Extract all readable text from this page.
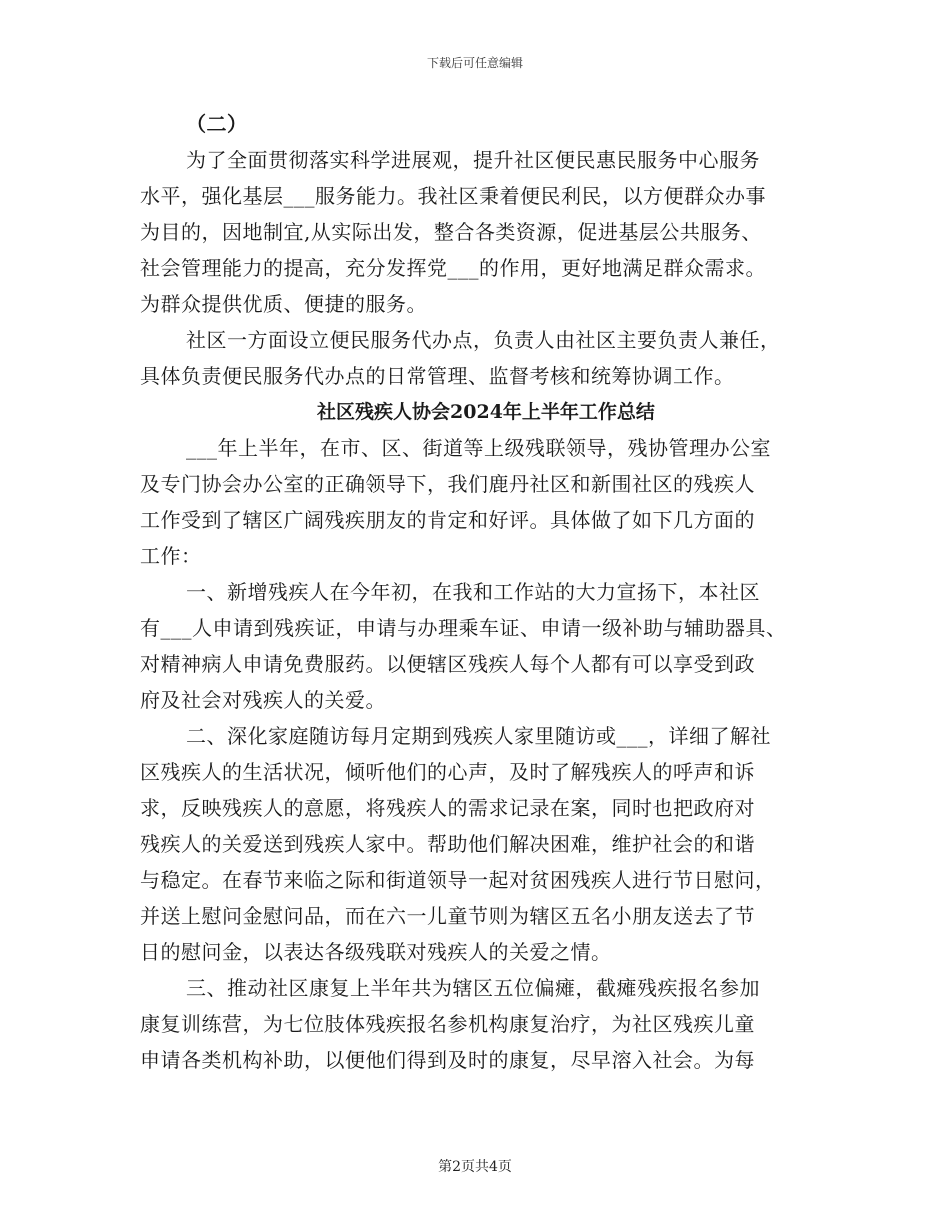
下载后可任意编辑
（二）
为了全面贯彻落实科学进展观，提升社区便民惠民服务中心服务
水平，强化基层___服务能力。我社区秉着便民利民，以方便群众办事
为目的，因地制宜,从实际出发，整合各类资源，促进基层公共服务、
社会管理能力的提高，充分发挥党___的作用，更好地满足群众需求。
为群众提供优质、便捷的服务。
社区一方面设立便民服务代办点，负责人由社区主要负责人兼任，
具体负责便民服务代办点的日常管理、监督考核和统筹协调工作。
社区残疾人协会2024年上半年工作总结
___年上半年，在市、区、街道等上级残联领导，残协管理办公室
及专门协会办公室的正确领导下，我们鹿丹社区和新围社区的残疾人
工作受到了辖区广阔残疾朋友的肯定和好评。具体做了如下几方面的
工作：
一、新增残疾人在今年初，在我和工作站的大力宣扬下，本社区
有___人申请到残疾证，申请与办理乘车证、申请一级补助与辅助器具、
对精神病人申请免费服药。以便辖区残疾人每个人都有可以享受到政
府及社会对残疾人的关爱。
二、深化家庭随访每月定期到残疾人家里随访或___，详细了解社
区残疾人的生活状况，倾听他们的心声，及时了解残疾人的呼声和诉
求，反映残疾人的意愿，将残疾人的需求记录在案，同时也把政府对
残疾人的关爱送到残疾人家中。帮助他们解决困难，维护社会的和谐
与稳定。在春节来临之际和街道领导一起对贫困残疾人进行节日慰问，
并送上慰问金慰问品，而在六一儿童节则为辖区五名小朋友送去了节
日的慰问金，以表达各级残联对残疾人的关爱之情。
三、推动社区康复上半年共为辖区五位偏瘫，截瘫残疾报名参加
康复训练营，为七位肢体残疾报名参机构康复治疗，为社区残疾儿童
申请各类机构补助，以便他们得到及时的康复，尽早溶入社会。为每
第2页共4页
